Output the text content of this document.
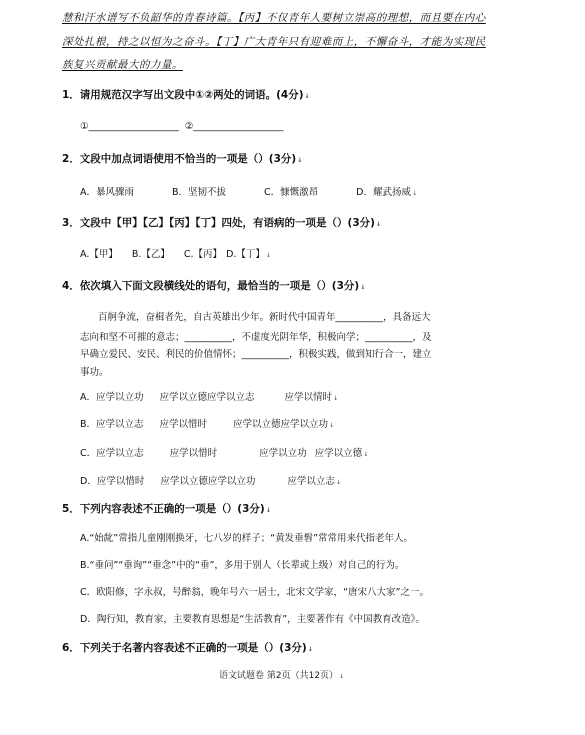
慧和汗水谱写不负韶华的青春诗篇。【丙】不仅青年人要树立崇高的理想，而且要在内心
深处扎根，持之以恒为之奋斗。【丁】广大青年只有迎难而上，不懈奋斗，才能为实现民
族复兴贡献最大的力量。
1．请用规范汉字写出文段中①②两处的词语。(4分)↓
①___________________ ②___________________
2．文段中加点词语使用不恰当的一项是（）(3分)↓
A．暴风骤雨	B．坚韧不拔	C．慷慨激昂	D．耀武扬威↓
3．文段中【甲】【乙】【丙】【丁】四处，有语病的一项是（）(3分)↓
A.【甲】 B.【乙】 C.【丙】 D.【丁】↓
4．依次填入下面文段横线处的语句，最恰当的一项是（）(3分)↓
百舸争流，奋楫者先，自古英雄出少年。新时代中国青年__________，具备远大
志向和坚不可摧的意志；__________，不虚度光阴年华，积极向学；__________，及
早确立爱民、安民、利民的价值情怀；__________，积极实践，做到知行合一，建立
事功。
A．应学以立功 应学以立德应学以立志	应学以情时↓
B．应学以立志 应学以惜时	应学以立德应学以立功↓
C．应学以立志	应学以惜时	应学以立功 应学以立德↓
D．应学以惜时 应学以立德应学以立功	应学以立志↓
5．下列内容表述不正确的一项是（）(3分)↓
A.“始龀”常指儿童刚刚换牙，七八岁的样子；“黄发垂髫”常常用来代指老年人。
B.“垂问”“垂询”“垂念”中的“垂”，多用于别人（长辈或上级）对自己的行为。
C．欧阳修，字永叔，号醉翁，晚年号六一居士，北宋文学家，“唐宋八大家”之一。
D．陶行知，教育家，主要教育思想是“生活教育”，主要著作有《中国教育改造》。
6．下列关于名著内容表述不正确的一项是（）(3分)↓
语文试题卷 第2页（共12页）↓
